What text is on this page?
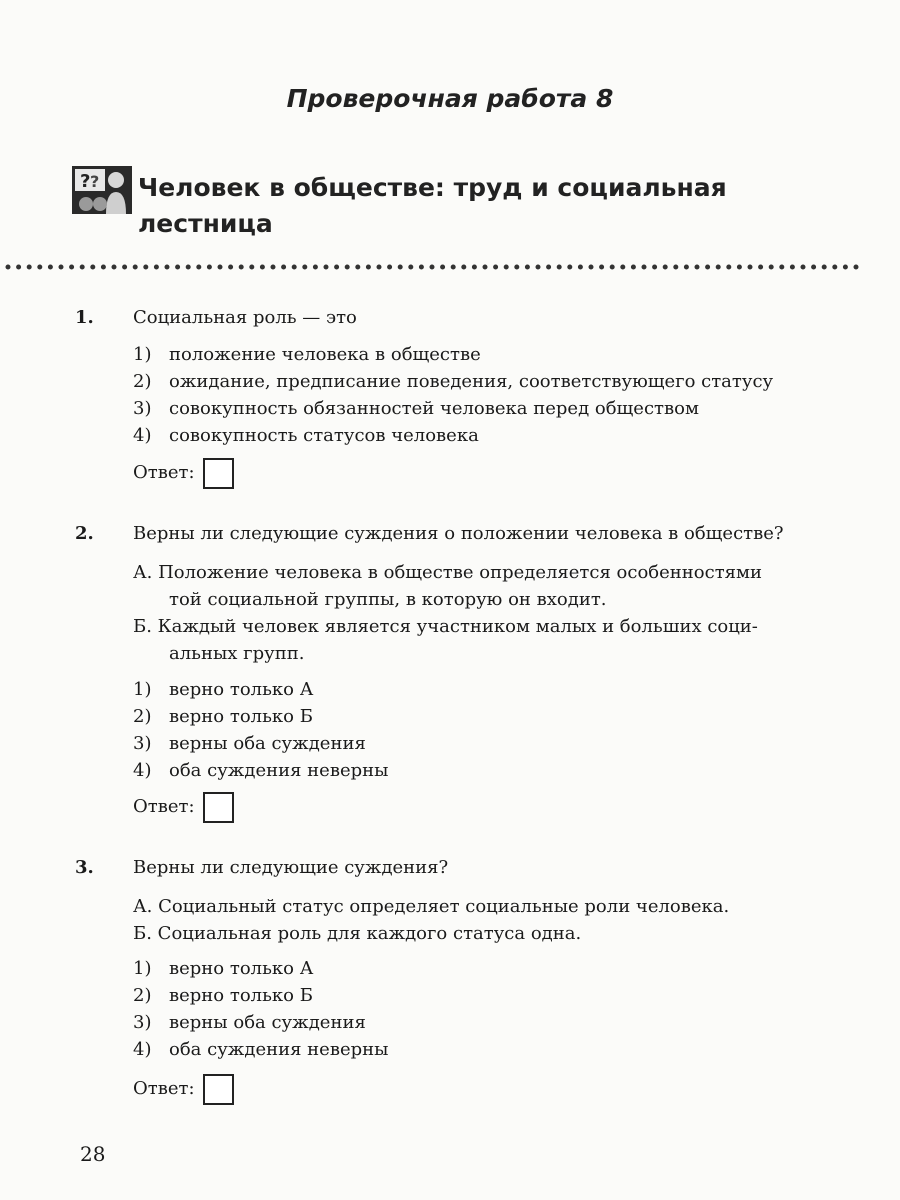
Проверочная работа 8
? ? Человек в обществе: труд и социальная
лестница
1. Социальная роль — это
1) положение человека в обществе
2) ожидание, предписание поведения, соответствующего статусу
3) совокупность обязанностей человека перед обществом
4) совокупность статусов человека
Ответ:
2. Верны ли следующие суждения о положении человека в обществе?
А. Положение человека в обществе определяется особенностями
той социальной группы, в которую он входит.
Б. Каждый человек является участником малых и больших соци-
альных групп.
1) верно только А
2) верно только Б
3) верны оба суждения
4) оба суждения неверны
Ответ:
3. Верны ли следующие суждения?
А. Социальный статус определяет социальные роли человека.
Б. Социальная роль для каждого статуса одна.
1) верно только А
2) верно только Б
3) верны оба суждения
4) оба суждения неверны
Ответ:
28
